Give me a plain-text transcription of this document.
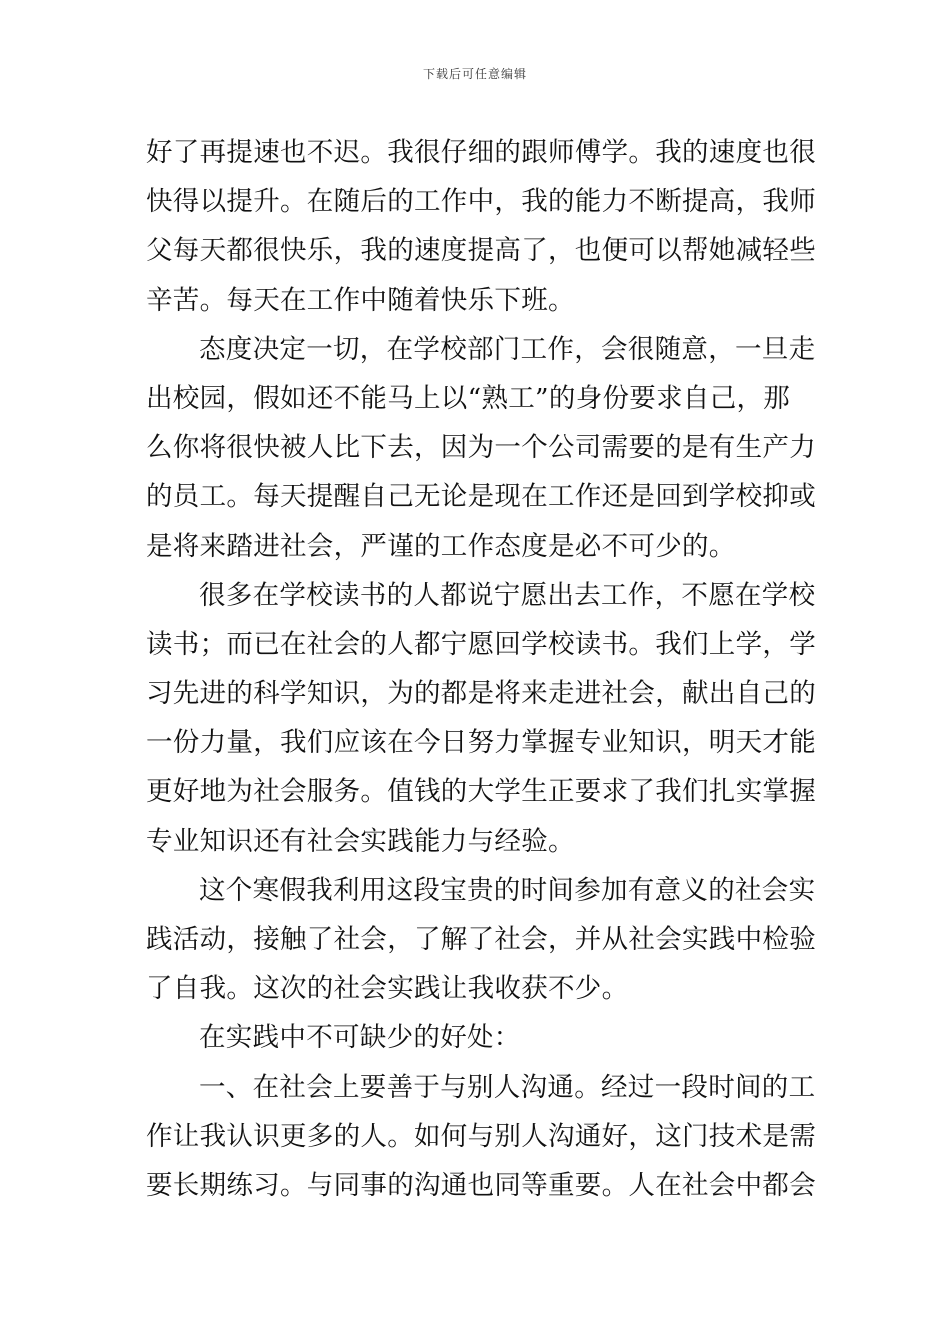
下载后可任意编辑
好了再提速也不迟。我很仔细的跟师傅学。我的速度也很
快得以提升。在随后的工作中，我的能力不断提高，我师
父每天都很快乐，我的速度提高了，也便可以帮她减轻些
辛苦。每天在工作中随着快乐下班。
态度决定一切，在学校部门工作，会很随意，一旦走
出校园，假如还不能马上以“熟工”的身份要求自己，那
么你将很快被人比下去，因为一个公司需要的是有生产力
的员工。每天提醒自己无论是现在工作还是回到学校抑或
是将来踏进社会，严谨的工作态度是必不可少的。
很多在学校读书的人都说宁愿出去工作，不愿在学校
读书；而已在社会的人都宁愿回学校读书。我们上学，学
习先进的科学知识，为的都是将来走进社会，献出自己的
一份力量，我们应该在今日努力掌握专业知识，明天才能
更好地为社会服务。值钱的大学生正要求了我们扎实掌握
专业知识还有社会实践能力与经验。
这个寒假我利用这段宝贵的时间参加有意义的社会实
践活动，接触了社会，了解了社会，并从社会实践中检验
了自我。这次的社会实践让我收获不少。
在实践中不可缺少的好处：
一、在社会上要善于与别人沟通。经过一段时间的工
作让我认识更多的人。如何与别人沟通好，这门技术是需
要长期练习。与同事的沟通也同等重要。人在社会中都会
